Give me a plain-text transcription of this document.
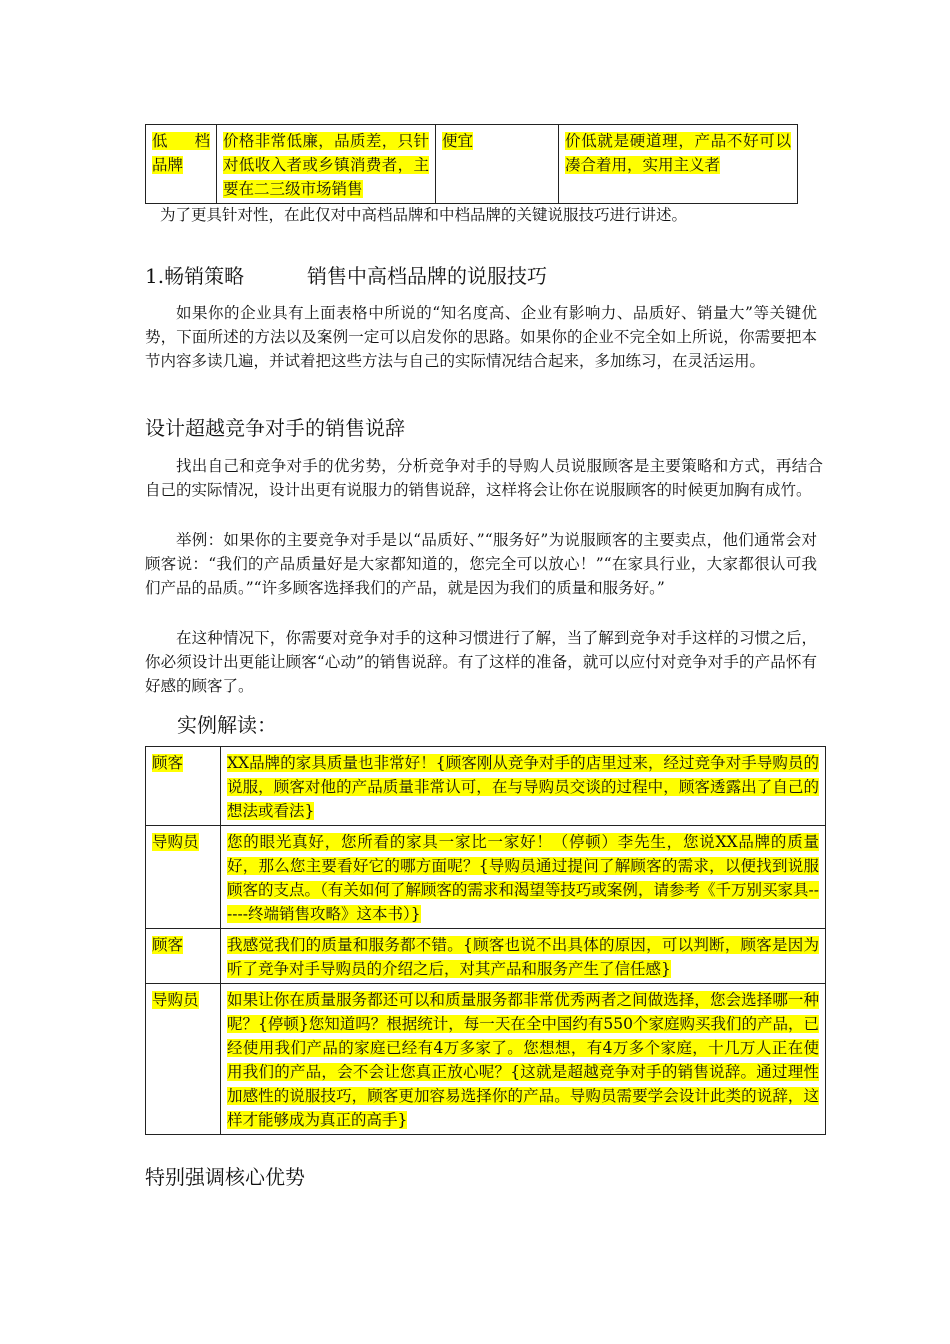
低　档品牌	价格非常低廉，品质差，只针对低收入者或乡镇消费者，主要在二三级市场销售	便宜	价低就是硬道理，产品不好可以凑合着用，实用主义者

为了更具针对性，在此仅对中高档品牌和中档品牌的关键说服技巧进行讲述。

1.畅销策略	销售中高档品牌的说服技巧

如果你的企业具有上面表格中所说的“知名度高、企业有影响力、品质好、销量大”等关键优势，下面所述的方法以及案例一定可以启发你的思路。如果你的企业不完全如上所说，你需要把本节内容多读几遍，并试着把这些方法与自己的实际情况结合起来，多加练习，在灵活运用。

设计超越竞争对手的销售说辞

找出自己和竞争对手的优劣势，分析竞争对手的导购人员说服顾客是主要策略和方式，再结合自己的实际情况，设计出更有说服力的销售说辞，这样将会让你在说服顾客的时候更加胸有成竹。

举例：如果你的主要竞争对手是以“品质好、”“服务好”为说服顾客的主要卖点，他们通常会对顾客说：“我们的产品质量好是大家都知道的，您完全可以放心！”“在家具行业，大家都很认可我们产品的品质。”“许多顾客选择我们的产品，就是因为我们的质量和服务好。”

在这种情况下，你需要对竞争对手的这种习惯进行了解，当了解到竞争对手这样的习惯之后，你必须设计出更能让顾客“心动”的销售说辞。有了这样的准备，就可以应付对竞争对手的产品怀有好感的顾客了。

实例解读：
顾客	XX品牌的家具质量也非常好！{顾客刚从竞争对手的店里过来，经过竞争对手导购员的说服，顾客对他的产品质量非常认可，在与导购员交谈的过程中，顾客透露出了自己的想法或看法}
导购员	您的眼光真好，您所看的家具一家比一家好！（停顿）李先生，您说XX品牌的质量好，那么您主要看好它的哪方面呢？{导购员通过提问了解顾客的需求，以便找到说服顾客的支点。（有关如何了解顾客的需求和渴望等技巧或案例，请参考《千万别买家具------终端销售攻略》这本书）}
顾客	我感觉我们的质量和服务都不错。{顾客也说不出具体的原因，可以判断，顾客是因为听了竞争对手导购员的介绍之后，对其产品和服务产生了信任感}
导购员	如果让你在质量服务都还可以和质量服务都非常优秀两者之间做选择，您会选择哪一种呢？{停顿}您知道吗？根据统计，每一天在全中国约有550个家庭购买我们的产品，已经使用我们产品的家庭已经有4万多家了。您想想，有4万多个家庭，十几万人正在使用我们的产品，会不会让您真正放心呢？{这就是超越竞争对手的销售说辞。通过理性加感性的说服技巧，顾客更加容易选择你的产品。导购员需要学会设计此类的说辞，这样才能够成为真正的高手}
特别强调核心优势
